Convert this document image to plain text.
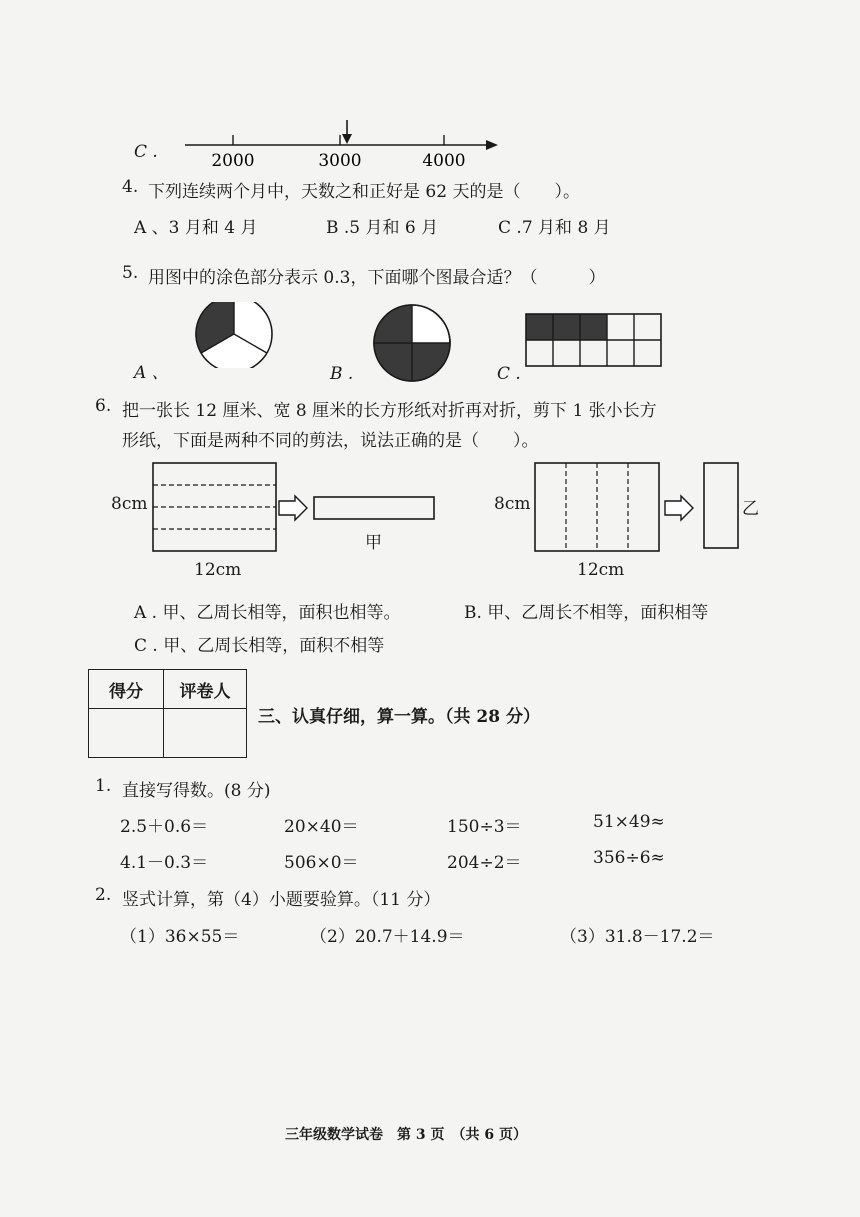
C .	2000	3000	4000
4. 下列连续两个月中，天数之和正好是 62 天的是（　　）。
A 、3 月和 4 月	B .5 月和 6 月	C .7 月和 8 月
5. 用图中的涂色部分表示 0.3，下面哪个图最合适？（　　　）
A 、	B .	C .
6. 把一张长 12 厘米、宽 8 厘米的长方形纸对折再对折，剪下 1 张小长方
形纸，下面是两种不同的剪法，说法正确的是（　　）。
8cm
甲
12cm
8cm	乙
12cm
A . 甲、乙周长相等，面积也相等。	B. 甲、乙周长不相等，面积相等
C . 甲、乙周长相等，面积不相等
得分	评卷人

三、认真仔细，算一算。（共 28 分）
1. 直接写得数。(8 分)
2.5＋0.6＝	20×40＝	150÷3＝	51×49≈
4.1－0.3＝	506×0＝	204÷2＝	356÷6≈
2. 竖式计算，第（4）小题要验算。（11 分）
（1）36×55＝	（2）20.7＋14.9＝	（3）31.8－17.2＝
三年级数学试卷　第 3 页　（共 6 页）
